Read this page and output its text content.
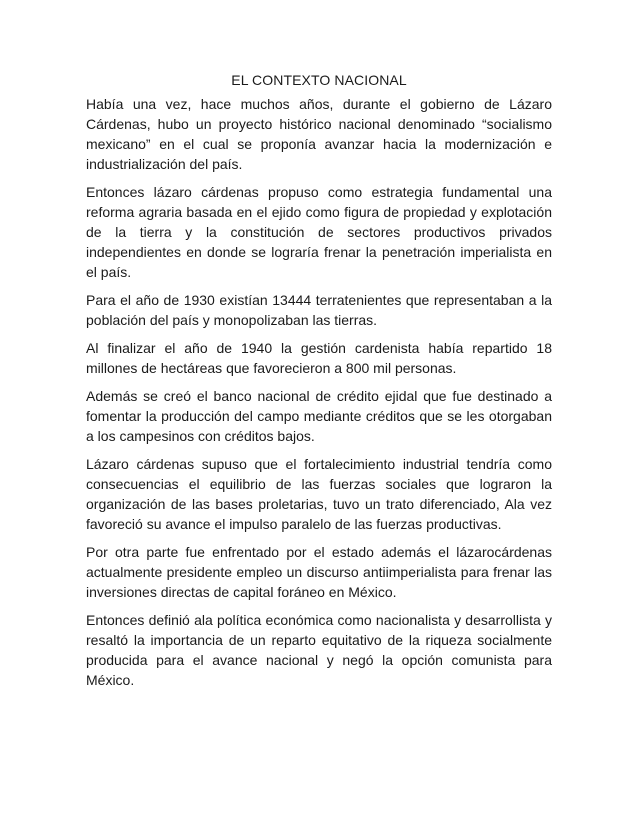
EL CONTEXTO NACIONAL

Había una vez, hace muchos años, durante el gobierno de Lázaro Cárdenas, hubo un proyecto histórico nacional denominado “socialismo mexicano” en el cual se proponía avanzar hacia la modernización e industrialización del país.

Entonces lázaro cárdenas propuso como estrategia fundamental una reforma agraria basada en el ejido como figura de propiedad y explotación de la tierra y la constitución de sectores productivos privados independientes en donde se lograría frenar la penetración imperialista en el país.

Para el año de 1930 existían 13444 terratenientes que representaban a la población del país y monopolizaban las tierras.

Al finalizar el año de 1940 la gestión cardenista había repartido 18 millones de hectáreas que favorecieron a 800 mil personas.

Además se creó el banco nacional de crédito ejidal que fue destinado a fomentar la producción del campo mediante créditos que se les otorgaban a los campesinos con créditos bajos.

Lázaro cárdenas supuso que el fortalecimiento industrial tendría como consecuencias el equilibrio de las fuerzas sociales que lograron la organización de las bases proletarias, tuvo un trato diferenciado, Ala vez favoreció su avance el impulso paralelo de las fuerzas productivas.

Por otra parte fue enfrentado por el estado además el lázarocárdenas actualmente presidente empleo un discurso antiimperialista para frenar las inversiones directas de capital foráneo en México.

Entonces definió ala política económica como nacionalista y desarrollista y resaltó la importancia de un reparto equitativo de la riqueza socialmente producida para el avance nacional y negó la opción comunista para México.
